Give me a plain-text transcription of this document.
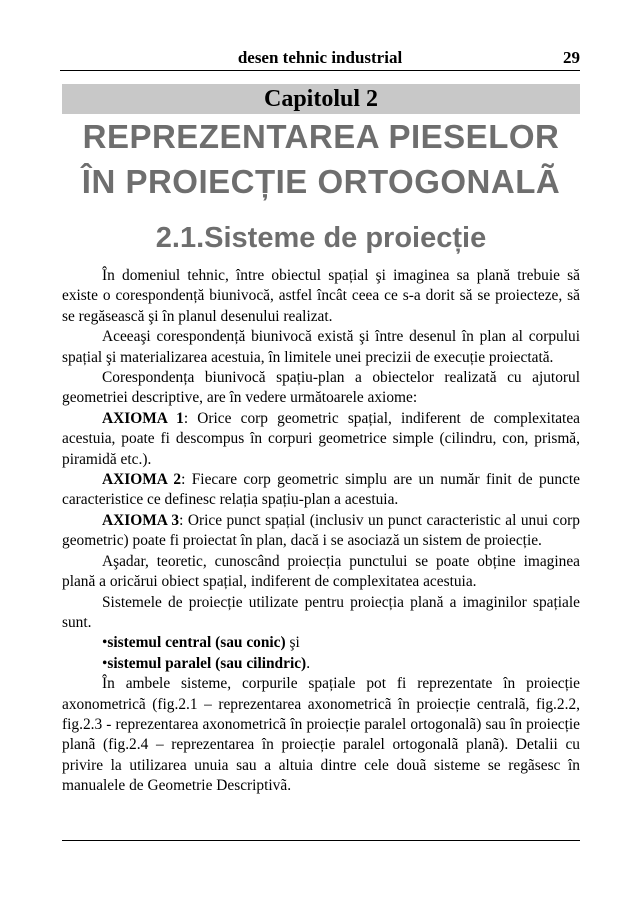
desen tehnic industrial	29
Capitolul 2
REPREZENTAREA PIESELOR
ÎN PROIECȚIE ORTOGONALÃ
2.1.Sisteme de proiecție

În domeniul tehnic, între obiectul spațial şi imaginea sa plană trebuie să existe o corespondență biunivocă, astfel încât ceea ce s-a dorit să se proiecteze, să se regăsească şi în planul desenului realizat.

Aceeaşi corespondență biunivocă există şi între desenul în plan al corpului spațial şi materializarea acestuia, în limitele unei precizii de execuție proiectată.

Corespondența biunivocă spațiu-plan a obiectelor realizată cu ajutorul geometriei descriptive, are în vedere următoarele axiome:

AXIOMA 1: Orice corp geometric spațial, indiferent de complexitatea acestuia, poate fi descompus în corpuri geometrice simple (cilindru, con, prismă, piramidă etc.).

AXIOMA 2: Fiecare corp geometric simplu are un număr finit de puncte caracteristice ce definesc relația spațiu-plan a acestuia.

AXIOMA 3: Orice punct spațial (inclusiv un punct caracteristic al unui corp geometric) poate fi proiectat în plan, dacă i se asociază un sistem de proiecție.

Aşadar, teoretic, cunoscând proiecția punctului se poate obține imaginea plană a oricărui obiect spațial, indiferent de complexitatea acestuia.

Sistemele de proiecție utilizate pentru proiecția plană a imaginilor spațiale sunt.

•sistemul central (sau conic) şi

•sistemul paralel (sau cilindric).

În ambele sisteme, corpurile spațiale pot fi reprezentate în proiecție axonometricã (fig.2.1 – reprezentarea axonometricã în proiecție centralã, fig.2.2, fig.2.3 - reprezentarea axonometricã în proiecție paralel ortogonalã) sau în proiecție planã (fig.2.4 – reprezentarea în proiecție paralel ortogonalã planã). Detalii cu privire la utilizarea unuia sau a altuia dintre cele douã sisteme se regãsesc în manualele de Geometrie Descriptivã.
